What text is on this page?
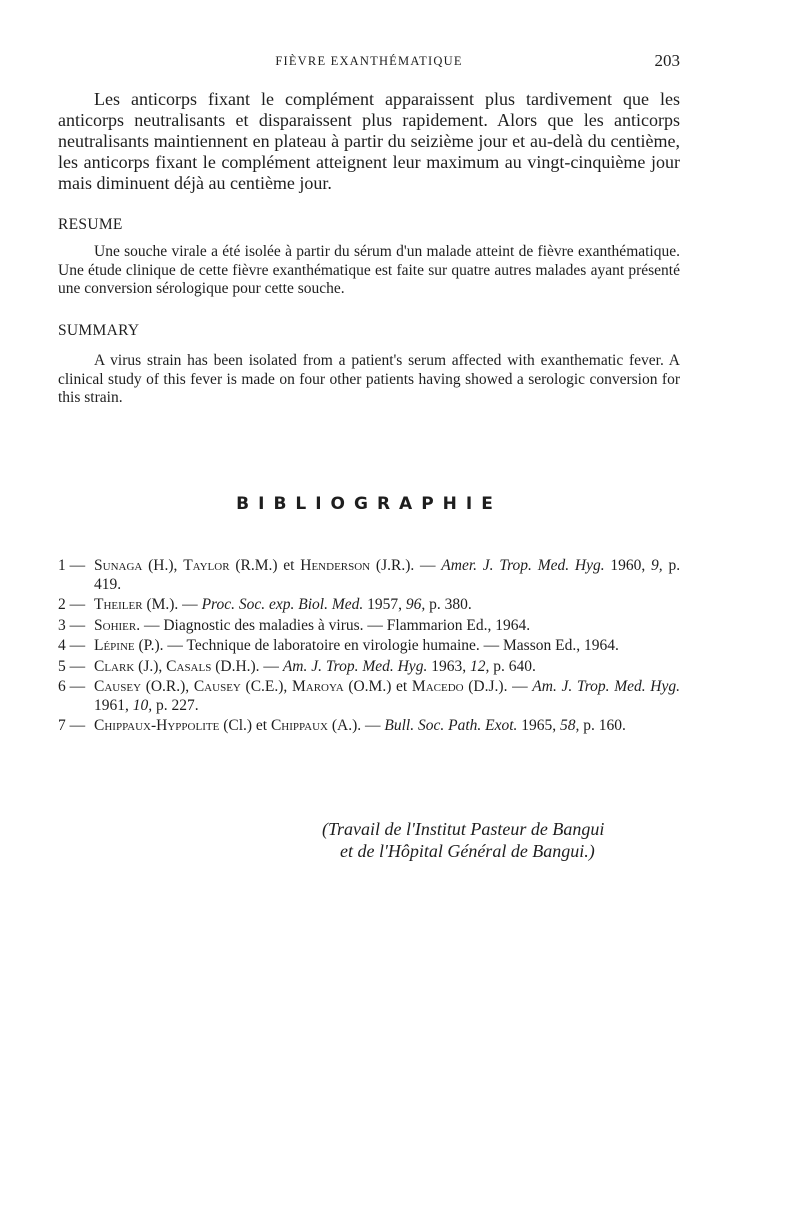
FIÈVRE EXANTHÉMATIQUE	203

Les anticorps fixant le complément apparaissent plus tardivement que les anticorps neutralisants et disparaissent plus rapidement. Alors que les anticorps neutralisants maintiennent en plateau à partir du seizième jour et au-delà du centième, les anticorps fixant le complément atteignent leur maximum au vingt-cinquième jour mais diminuent déjà au centième jour.

RESUME

Une souche virale a été isolée à partir du sérum d'un malade atteint de fièvre exanthématique. Une étude clinique de cette fièvre exanthématique est faite sur quatre autres malades ayant présenté une conversion sérologique pour cette souche.

SUMMARY

A virus strain has been isolated from a patient's serum affected with exanthematic fever. A clinical study of this fever is made on four other patients having showed a serologic conversion for this strain.

BIBLIOGRAPHIE
1 — Sunaga (H.), Taylor (R.M.) et Henderson (J.R.). — Amer. J. Trop. Med. Hyg. 1960, 9, p. 419.
2 — Theiler (M.). — Proc. Soc. exp. Biol. Med. 1957, 96, p. 380.
3 — Sohier. — Diagnostic des maladies à virus. — Flammarion Ed., 1964.
4 — Lépine (P.). — Technique de laboratoire en virologie humaine. — Masson Ed., 1964.
5 — Clark (J.), Casals (D.H.). — Am. J. Trop. Med. Hyg. 1963, 12, p. 640.
6 — Causey (O.R.), Causey (C.E.), Maroya (O.M.) et Macedo (D.J.). — Am. J. Trop. Med. Hyg. 1961, 10, p. 227.
7 — Chippaux-Hyppolite (Cl.) et Chippaux (A.). — Bull. Soc. Path. Exot. 1965, 58, p. 160.

(Travail de l'Institut Pasteur de Bangui
et de l'Hôpital Général de Bangui.)
